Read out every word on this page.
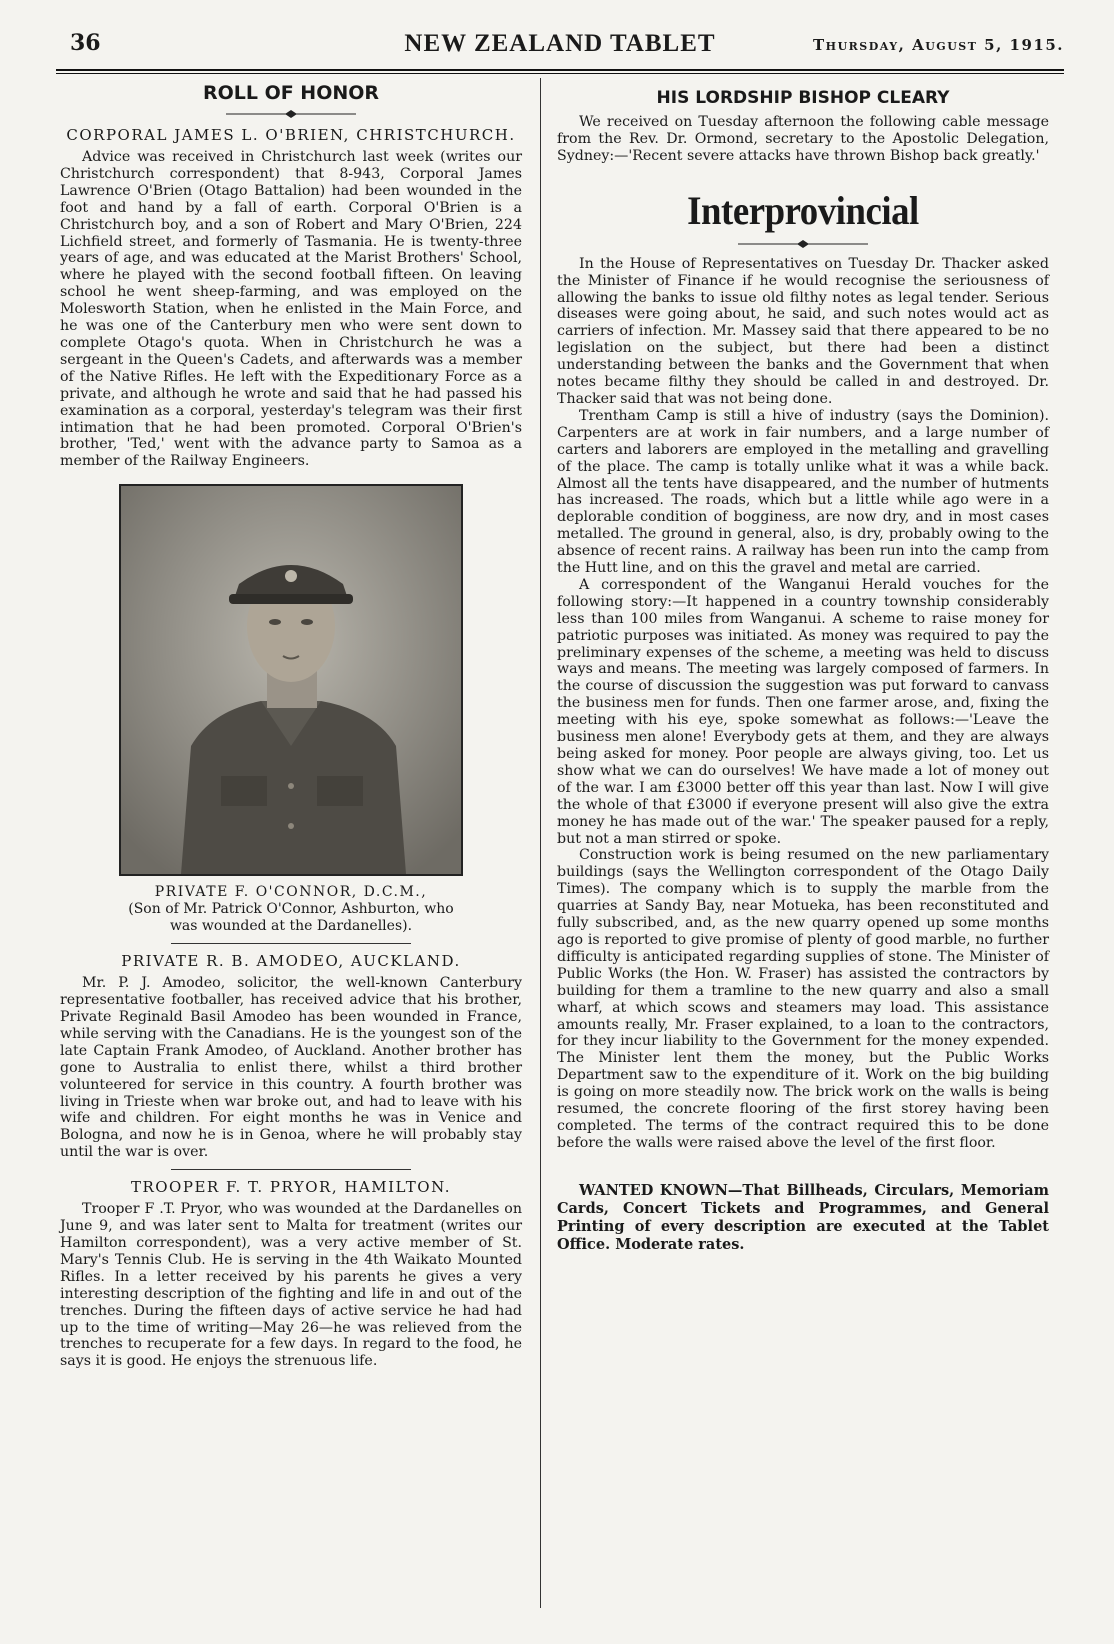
36	NEW ZEALAND TABLET	Thursday, August 5, 1915.
ROLL OF HONOR
CORPORAL JAMES L. O'BRIEN, CHRISTCHURCH.

Advice was received in Christchurch last week (writes our Christchurch correspondent) that 8-943, Corporal James Lawrence O'Brien (Otago Battalion) had been wounded in the foot and hand by a fall of earth. Corporal O'Brien is a Christchurch boy, and a son of Robert and Mary O'Brien, 224 Lichfield street, and formerly of Tasmania. He is twenty-three years of age, and was educated at the Marist Brothers' School, where he played with the second football fifteen. On leaving school he went sheep-farming, and was employed on the Molesworth Station, when he enlisted in the Main Force, and he was one of the Canterbury men who were sent down to complete Otago's quota. When in Christchurch he was a sergeant in the Queen's Cadets, and afterwards was a member of the Native Rifles. He left with the Expeditionary Force as a private, and although he wrote and said that he had passed his examination as a corporal, yesterday's telegram was their first intimation that he had been promoted. Corporal O'Brien's brother, 'Ted,' went with the advance party to Samoa as a member of the Railway Engineers.

PRIVATE F. O'CONNOR, D.C.M.,
(Son of Mr. Patrick O'Connor, Ashburton, who was wounded at the Dardanelles).
PRIVATE R. B. AMODEO, AUCKLAND.

Mr. P. J. Amodeo, solicitor, the well-known Canterbury representative footballer, has received advice that his brother, Private Reginald Basil Amodeo has been wounded in France, while serving with the Canadians. He is the youngest son of the late Captain Frank Amodeo, of Auckland. Another brother has gone to Australia to enlist there, whilst a third brother volunteered for service in this country. A fourth brother was living in Trieste when war broke out, and had to leave with his wife and children. For eight months he was in Venice and Bologna, and now he is in Genoa, where he will probably stay until the war is over.

TROOPER F. T. PRYOR, HAMILTON.

Trooper F .T. Pryor, who was wounded at the Dardanelles on June 9, and was later sent to Malta for treatment (writes our Hamilton correspondent), was a very active member of St. Mary's Tennis Club. He is serving in the 4th Waikato Mounted Rifles. In a letter received by his parents he gives a very interesting description of the fighting and life in and out of the trenches. During the fifteen days of active service he had had up to the time of writing—May 26—he was relieved from the trenches to recuperate for a few days. In regard to the food, he says it is good. He enjoys the strenuous life.

HIS LORDSHIP BISHOP CLEARY

We received on Tuesday afternoon the following cable message from the Rev. Dr. Ormond, secretary to the Apostolic Delegation, Sydney:—'Recent severe attacks have thrown Bishop back greatly.'

Interprovincial

In the House of Representatives on Tuesday Dr. Thacker asked the Minister of Finance if he would recognise the seriousness of allowing the banks to issue old filthy notes as legal tender. Serious diseases were going about, he said, and such notes would act as carriers of infection. Mr. Massey said that there appeared to be no legislation on the subject, but there had been a distinct understanding between the banks and the Government that when notes became filthy they should be called in and destroyed. Dr. Thacker said that was not being done.

Trentham Camp is still a hive of industry (says the Dominion). Carpenters are at work in fair numbers, and a large number of carters and laborers are employed in the metalling and gravelling of the place. The camp is totally unlike what it was a while back. Almost all the tents have disappeared, and the number of hutments has increased. The roads, which but a little while ago were in a deplorable condition of bogginess, are now dry, and in most cases metalled. The ground in general, also, is dry, probably owing to the absence of recent rains. A railway has been run into the camp from the Hutt line, and on this the gravel and metal are carried.

A correspondent of the Wanganui Herald vouches for the following story:—It happened in a country township considerably less than 100 miles from Wanganui. A scheme to raise money for patriotic purposes was initiated. As money was required to pay the preliminary expenses of the scheme, a meeting was held to discuss ways and means. The meeting was largely composed of farmers. In the course of discussion the suggestion was put forward to canvass the business men for funds. Then one farmer arose, and, fixing the meeting with his eye, spoke somewhat as follows:—'Leave the business men alone! Everybody gets at them, and they are always being asked for money. Poor people are always giving, too. Let us show what we can do ourselves! We have made a lot of money out of the war. I am £3000 better off this year than last. Now I will give the whole of that £3000 if everyone present will also give the extra money he has made out of the war.' The speaker paused for a reply, but not a man stirred or spoke.

Construction work is being resumed on the new parliamentary buildings (says the Wellington correspondent of the Otago Daily Times). The company which is to supply the marble from the quarries at Sandy Bay, near Motueka, has been reconstituted and fully subscribed, and, as the new quarry opened up some months ago is reported to give promise of plenty of good marble, no further difficulty is anticipated regarding supplies of stone. The Minister of Public Works (the Hon. W. Fraser) has assisted the contractors by building for them a tramline to the new quarry and also a small wharf, at which scows and steamers may load. This assistance amounts really, Mr. Fraser explained, to a loan to the contractors, for they incur liability to the Government for the money expended. The Minister lent them the money, but the Public Works Department saw to the expenditure of it. Work on the big building is going on more steadily now. The brick work on the walls is being resumed, the concrete flooring of the first storey having been completed. The terms of the contract required this to be done before the walls were raised above the level of the first floor.

WANTED KNOWN—That Billheads, Circulars, Memoriam Cards, Concert Tickets and Programmes, and General Printing of every description are executed at the Tablet Office. Moderate rates.
